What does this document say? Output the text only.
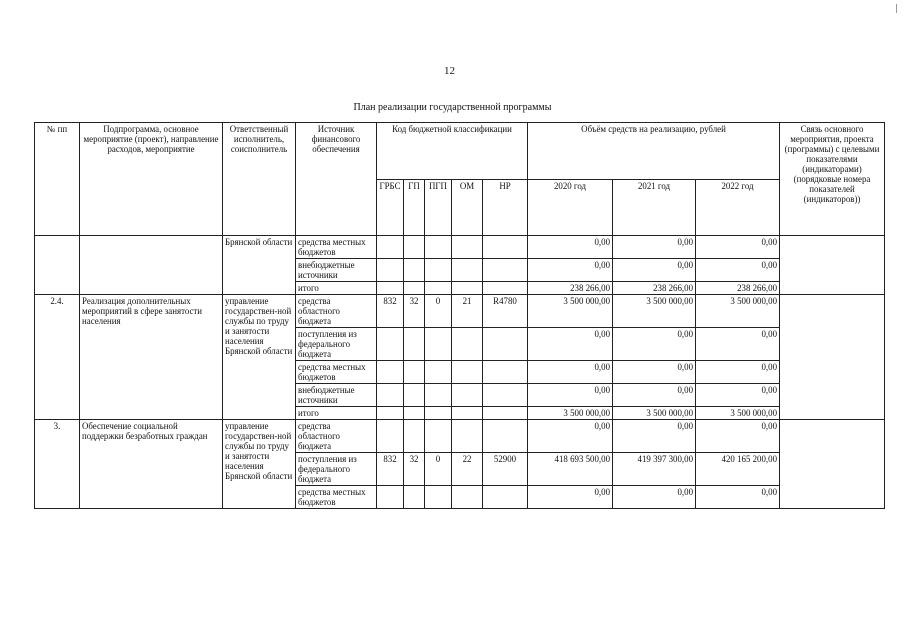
12
План реализации государственной программы
№ пп	Подпрограмма, основное мероприятие (проект), направление расходов, мероприятие	Ответственный исполнитель, соисполнитель	Источник финансового обеспечения	Код бюджетной классификации					Объём средств на реализацию, рублей			Связь основного мероприятия, проекта (программы) с целевыми показателями (индикаторами) (порядковые номера показателей (индикаторов))
				ГРБС	ГП	ПГП	ОМ	НР	2020 год	2021 год	2022 год	
		Брянской области	средства местных бюджетов						0,00	0,00	0,00	
			внебюджетные источники						0,00	0,00	0,00	
			итого						238 266,00	238 266,00	238 266,00	
2.4.	Реализация дополнительных мероприятий в сфере занятости населения	управление государствен-ной службы по труду и занятости населения Брянской области	средства областного бюджета	832	32	0	21	R4780	3 500 000,00	3 500 000,00	3 500 000,00	
			поступления из федерального бюджета						0,00	0,00	0,00	
			средства местных бюджетов						0,00	0,00	0,00	
			внебюджетные источники						0,00	0,00	0,00	
			итого						3 500 000,00	3 500 000,00	3 500 000,00	
3.	Обеспечение социальной поддержки безработных граждан	управление государствен-ной службы по труду и занятости населения Брянской области	средства областного бюджета						0,00	0,00	0,00	
			поступления из федерального бюджета	832	32	0	22	52900	418 693 500,00	419 397 300,00	420 165 200,00	
			средства местных бюджетов						0,00	0,00	0,00	
